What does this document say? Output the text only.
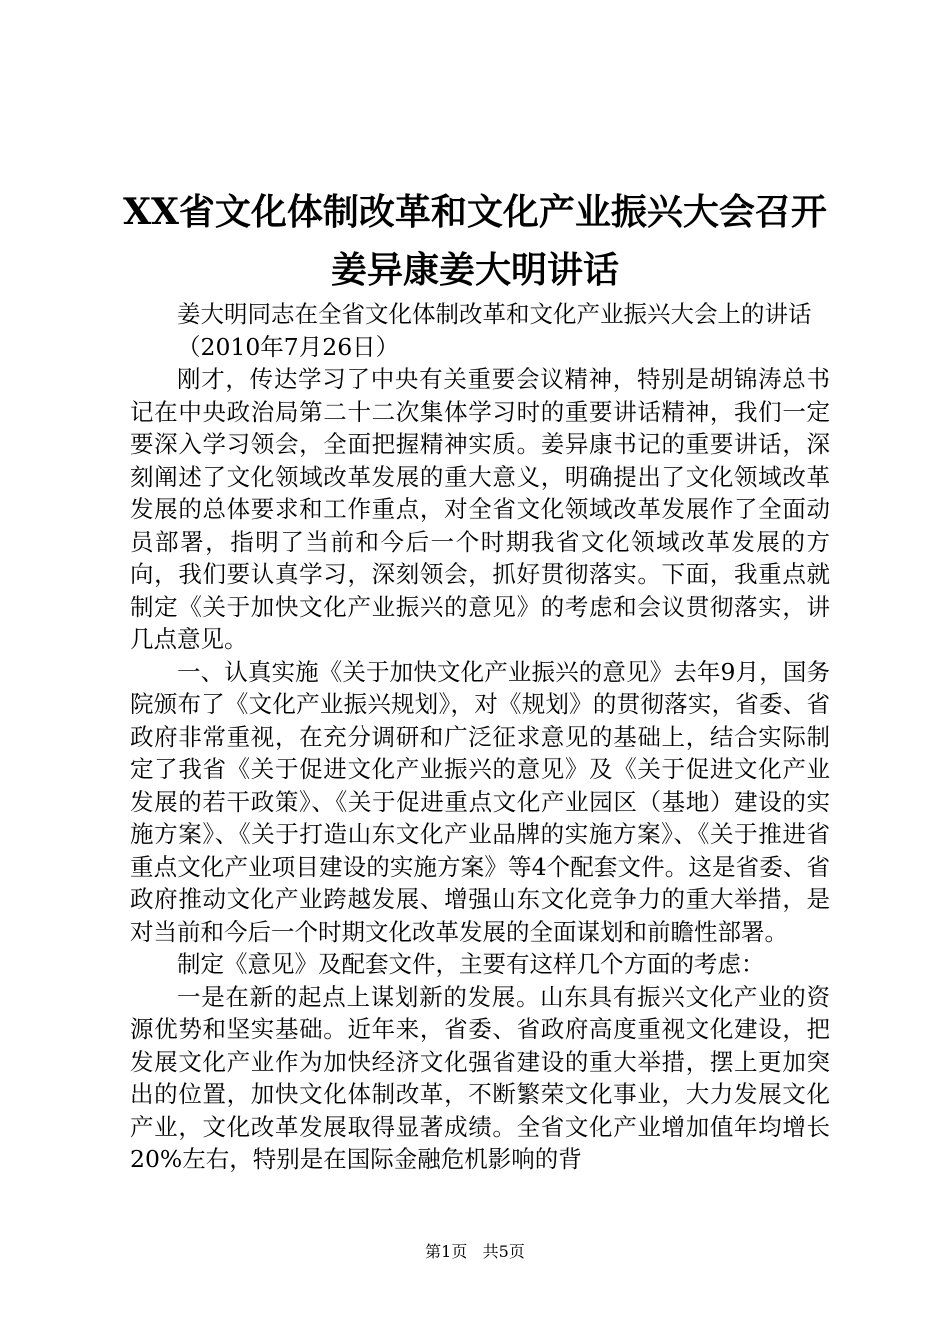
XX省文化体制改革和文化产业振兴大会召开
姜异康姜大明讲话

姜大明同志在全省文化体制改革和文化产业振兴大会上的讲话

（2010年7月26日）

刚才，传达学习了中央有关重要会议精神，特别是胡锦涛总书记在中央政治局第二十二次集体学习时的重要讲话精神，我们一定要深入学习领会，全面把握精神实质。姜异康书记的重要讲话，深刻阐述了文化领域改革发展的重大意义，明确提出了文化领域改革发展的总体要求和工作重点，对全省文化领域改革发展作了全面动员部署，指明了当前和今后一个时期我省文化领域改革发展的方向，我们要认真学习，深刻领会，抓好贯彻落实。下面，我重点就制定《关于加快文化产业振兴的意见》的考虑和会议贯彻落实，讲几点意见。

一、认真实施《关于加快文化产业振兴的意见》去年9月，国务院颁布了《文化产业振兴规划》，对《规划》的贯彻落实，省委、省政府非常重视，在充分调研和广泛征求意见的基础上，结合实际制定了我省《关于促进文化产业振兴的意见》及《关于促进文化产业发展的若干政策》、《关于促进重点文化产业园区（基地）建设的实施方案》、《关于打造山东文化产业品牌的实施方案》、《关于推进省重点文化产业项目建设的实施方案》等4个配套文件。这是省委、省政府推动文化产业跨越发展、增强山东文化竞争力的重大举措，是对当前和今后一个时期文化改革发展的全面谋划和前瞻性部署。

制定《意见》及配套文件，主要有这样几个方面的考虑：

一是在新的起点上谋划新的发展。山东具有振兴文化产业的资源优势和坚实基础。近年来，省委、省政府高度重视文化建设，把发展文化产业作为加快经济文化强省建设的重大举措，摆上更加突出的位置，加快文化体制改革，不断繁荣文化事业，大力发展文化产业，文化改革发展取得显著成绩。全省文化产业增加值年均增长20%左右，特别是在国际金融危机影响的背

第1页 共5页
